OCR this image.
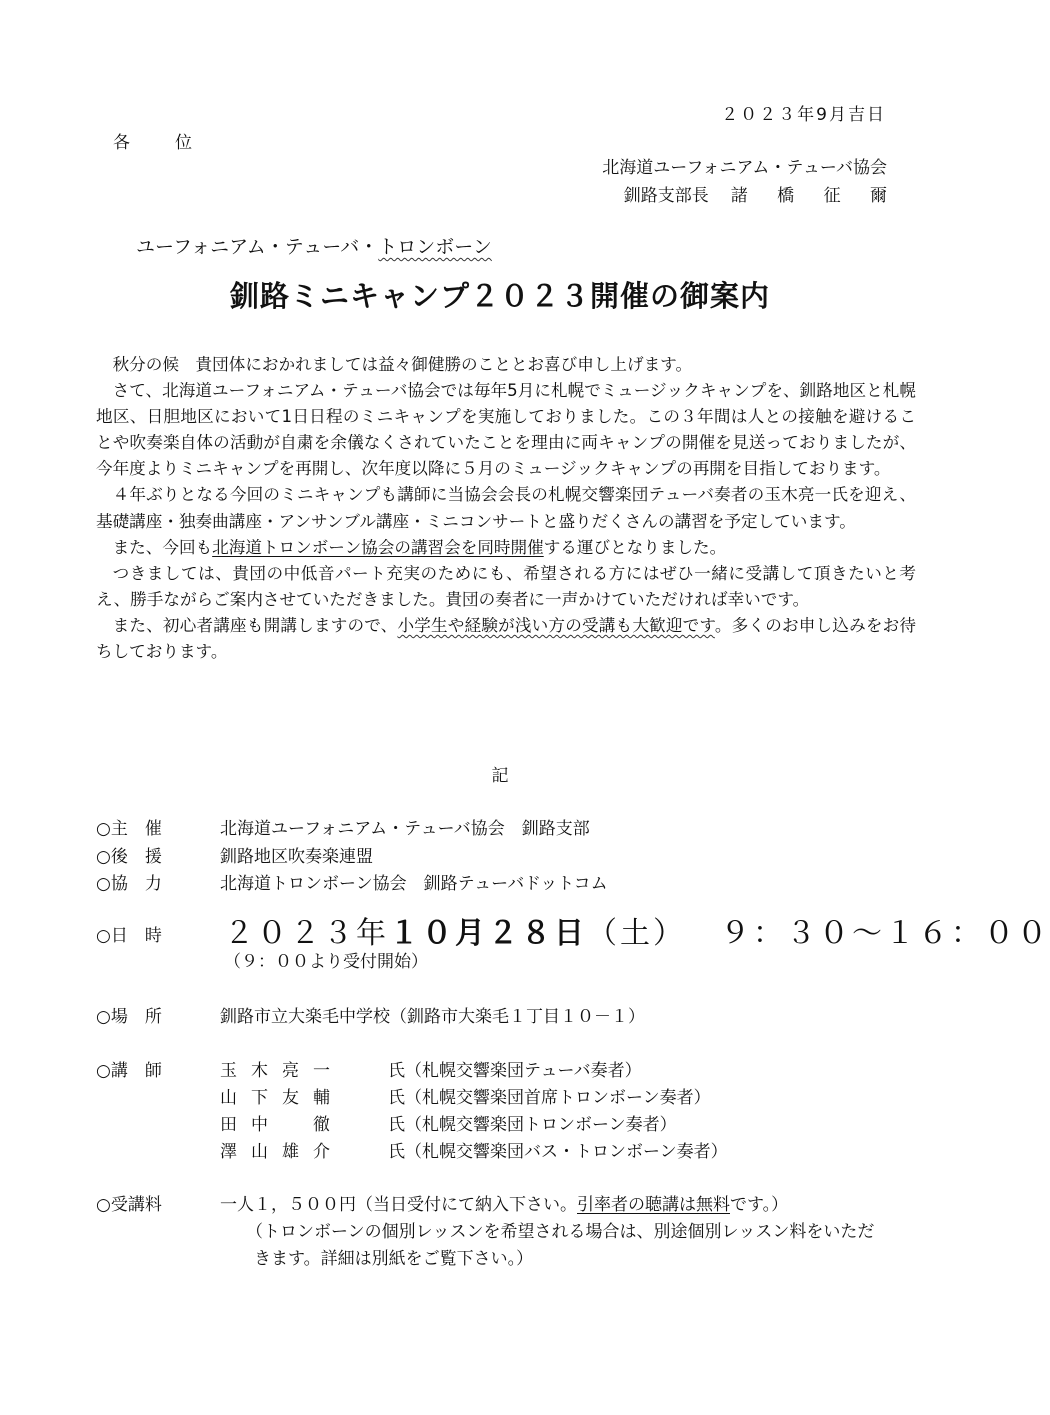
２０２３年9月吉日
各　位
北海道ユーフォニアム・テューバ協会
釧路支部長 諸 橋 征 爾
ユーフォニアム・テューバ・トロンボーン
釧路ミニキャンプ２０２３開催の御案内

秋分の候　貴団体におかれましては益々御健勝のこととお喜び申し上げます。

さて、北海道ユーフォニアム・テューバ協会では毎年5月に札幌でミュージックキャンプを、釧路地区と札幌地区、日胆地区において1日日程のミニキャンプを実施しておりました。この３年間は人との接触を避けることや吹奏楽自体の活動が自粛を余儀なくされていたことを理由に両キャンプの開催を見送っておりましたが、今年度よりミニキャンプを再開し、次年度以降に５月のミュージックキャンプの再開を目指しております。

４年ぶりとなる今回のミニキャンプも講師に当協会会長の札幌交響楽団テューバ奏者の玉木亮一氏を迎え、基礎講座・独奏曲講座・アンサンブル講座・ミニコンサートと盛りだくさんの講習を予定しています。

また、今回も北海道トロンボーン協会の講習会を同時開催する運びとなりました。

つきましては、貴団の中低音パート充実のためにも、希望される方にはぜひ一緒に受講して頂きたいと考え、勝手ながらご案内させていただきました。貴団の奏者に一声かけていただければ幸いです。

また、初心者講座も開講しますので、小学生や経験が浅い方の受講も大歓迎です。多くのお申し込みをお待ちしております。

記
○主　催	北海道ユーフォニアム・テューバ協会　釧路支部
○後　援	釧路地区吹奏楽連盟
○協　力	北海道トロンボーン協会　釧路テューバドットコム
○日　時	２０２３年１０月２８日（土） ９：３０～１６：００
（９：００より受付開始）
○場　所	釧路市立大楽毛中学校（釧路市大楽毛１丁目１０－１）
○講　師	玉木亮一	氏（札幌交響楽団テューバ奏者）
山下友輔	氏（札幌交響楽団首席トロンボーン奏者）
田中　徹	氏（札幌交響楽団トロンボーン奏者）
澤山雄介	氏（札幌交響楽団バス・トロンボーン奏者）
○受講料	一人１，５００円（当日受付にて納入下さい。引率者の聴講は無料です。）
（トロンボーンの個別レッスンを希望される場合は、別途個別レッスン料をいただ
きます。詳細は別紙をご覧下さい。）
